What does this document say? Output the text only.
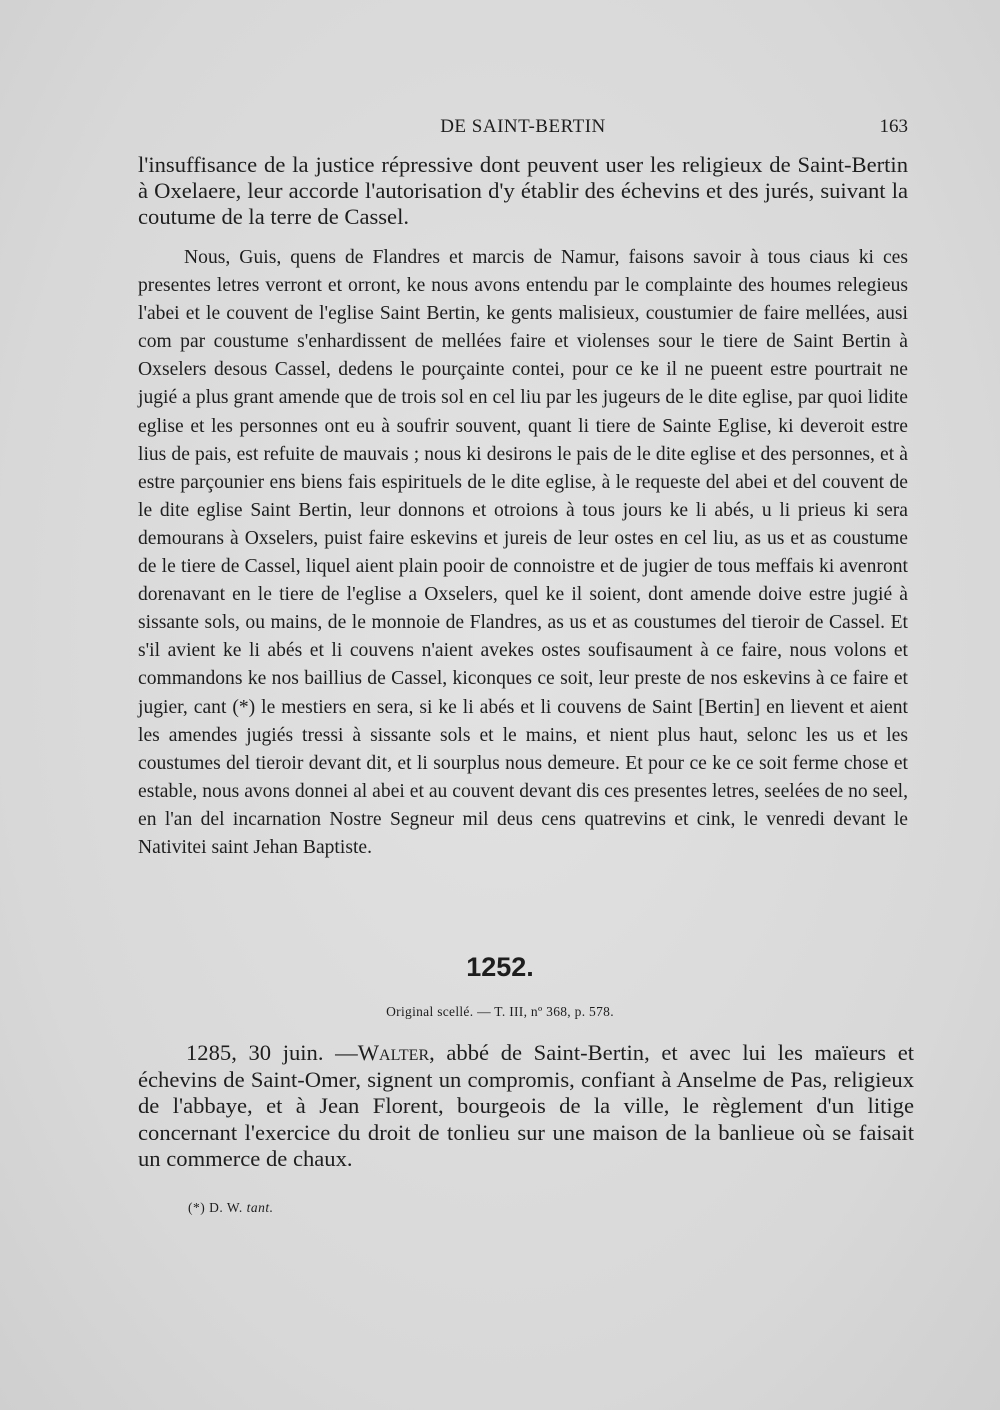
DE SAINT-BERTIN	163

l'insuffisance de la justice répressive dont peuvent user les religieux de Saint-Bertin à Oxelaere, leur accorde l'autorisation d'y établir des échevins et des jurés, suivant la coutume de la terre de Cassel.

Nous, Guis, quens de Flandres et marcis de Namur, faisons savoir à tous ciaus ki ces presentes letres verront et orront, ke nous avons entendu par le complainte des houmes relegieus l'abei et le couvent de l'eglise Saint Bertin, ke gents malisieux, coustumier de faire mellées, ausi com par coustume s'enhardissent de mellées faire et violenses sour le tiere de Saint Bertin à Oxselers desous Cassel, dedens le pourçainte contei, pour ce ke il ne pueent estre pourtrait ne jugié a plus grant amende que de trois sol en cel liu par les jugeurs de le dite eglise, par quoi lidite eglise et les personnes ont eu à soufrir souvent, quant li tiere de Sainte Eglise, ki deveroit estre lius de pais, est refuite de mauvais ; nous ki desirons le pais de le dite eglise et des personnes, et à estre parçounier ens biens fais espirituels de le dite eglise, à le requeste del abei et del couvent de le dite eglise Saint Bertin, leur donnons et otroions à tous jours ke li abés, u li prieus ki sera demourans à Oxselers, puist faire eskevins et jureis de leur ostes en cel liu, as us et as coustume de le tiere de Cassel, liquel aient plain pooir de connoistre et de jugier de tous meffais ki avenront dorenavant en le tiere de l'eglise a Oxselers, quel ke il soient, dont amende doive estre jugié à sissante sols, ou mains, de le monnoie de Flandres, as us et as coustumes del tieroir de Cassel. Et s'il avient ke li abés et li couvens n'aient avekes ostes soufisaument à ce faire, nous volons et commandons ke nos baillius de Cassel, kiconques ce soit, leur preste de nos eskevins à ce faire et jugier, cant (*) le mestiers en sera, si ke li abés et li couvens de Saint [Bertin] en lievent et aient les amendes jugiés tressi à sissante sols et le mains, et nient plus haut, selonc les us et les coustumes del tieroir devant dit, et li sourplus nous demeure. Et pour ce ke ce soit ferme chose et estable, nous avons donnei al abei et au couvent devant dis ces presentes letres, seelées de no seel, en l'an del incarnation Nostre Segneur mil deus cens quatrevins et cink, le venredi devant le Nativitei saint Jehan Baptiste.

1252.

Original scellé. — T. III, nº 368, p. 578.

1285, 30 juin. —Walter, abbé de Saint-Bertin, et avec lui les maïeurs et échevins de Saint-Omer, signent un compromis, confiant à Anselme de Pas, religieux de l'abbaye, et à Jean Florent, bourgeois de la ville, le règlement d'un litige concernant l'exercice du droit de tonlieu sur une maison de la banlieue où se faisait un commerce de chaux.

(*) D. W. tant.
